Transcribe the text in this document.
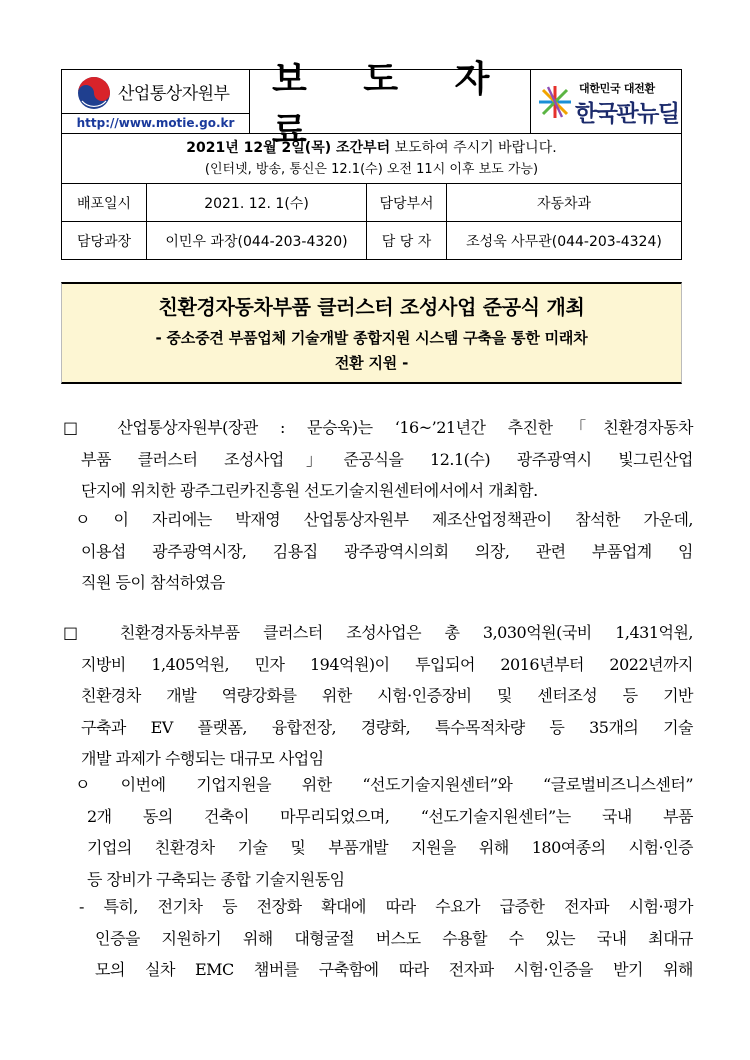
산업통상자원부
http://www.motie.go.kr
보 도 자 료
대한민국 대전환
한국판뉴딜
2021년 12월 2일(목) 조간부터 보도하여 주시기 바랍니다.
(인터넷, 방송, 통신은 12.1(수) 오전 11시 이후 보도 가능)
배포일시	2021. 12. 1(수)	담당부서	자동차과
담당과장	이민우 과장(044-203-4320)	담 당 자	조성욱 사무관(044-203-4324)
친환경자동차부품 클러스터 조성사업 준공식 개최
- 중소중견 부품업체 기술개발 종합지원 시스템 구축을 통한 미래차
전환 지원 -
□ 산업통상자원부(장관 : 문승욱)는 ‘16~’21년간 추진한「친환경자동차
부품 클러스터 조성사업」준공식을 12.1(수) 광주광역시 빛그린산업
단지에 위치한 광주그린카진흥원 선도기술지원센터에서에서 개최함.
ㅇ 이 자리에는 박재영 산업통상자원부 제조산업정책관이 참석한 가운데,
이용섭 광주광역시장, 김용집 광주광역시의회 의장, 관련 부품업계 임
직원 등이 참석하였음
□ 친환경자동차부품 클러스터 조성사업은 총 3,030억원(국비 1,431억원,
지방비 1,405억원, 민자 194억원)이 투입되어 2016년부터 2022년까지
친환경차 개발 역량강화를 위한 시험·인증장비 및 센터조성 등 기반
구축과 EV 플랫폼, 융합전장, 경량화, 특수목적차량 등 35개의 기술
개발 과제가 수행되는 대규모 사업임
ㅇ 이번에 기업지원을 위한 “선도기술지원센터”와 “글로벌비즈니스센터”
2개 동의 건축이 마무리되었으며, “선도기술지원센터”는 국내 부품
기업의 친환경차 기술 및 부품개발 지원을 위해 180여종의 시험·인증
등 장비가 구축되는 종합 기술지원동임
- 특히, 전기차 등 전장화 확대에 따라 수요가 급증한 전자파 시험·평가
인증을 지원하기 위해 대형굴절 버스도 수용할 수 있는 국내 최대규
모의 실차 EMC 챔버를 구축함에 따라 전자파 시험·인증을 받기 위해
